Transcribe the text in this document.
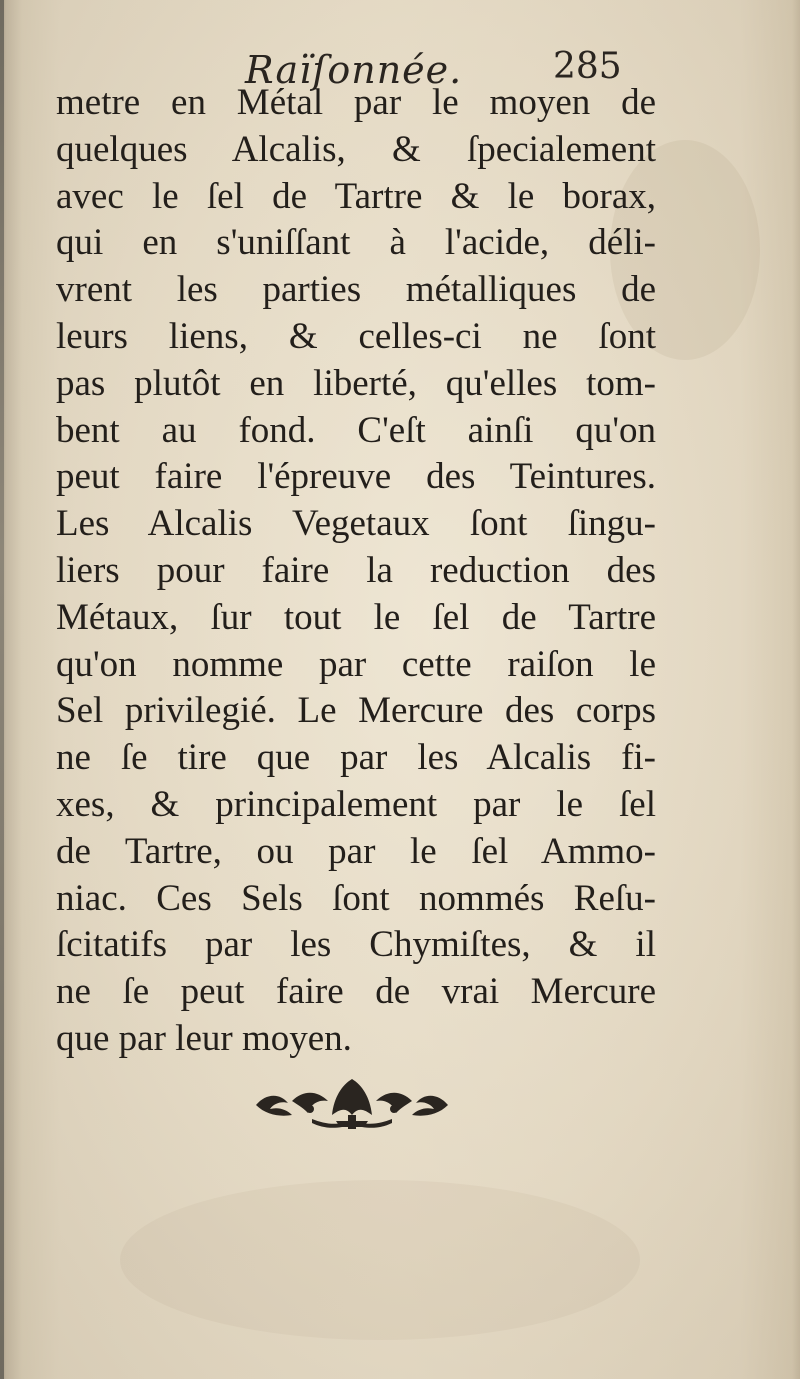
Raïſonnée.	285
metre en Métal par le moyen de
quelques Alcalis, & ſpecialement
avec le ſel de Tartre & le borax,
qui en s'uniſſant à l'acide, déli-
vrent les parties métalliques de
leurs liens, & celles-ci ne ſont
pas plutôt en liberté, qu'elles tom-
bent au fond. C'eſt ainſi qu'on
peut faire l'épreuve des Teintures.
Les Alcalis Vegetaux ſont ſingu-
liers pour faire la reduction des
Métaux, ſur tout le ſel de Tartre
qu'on nomme par cette raiſon le
Sel privilegié. Le Mercure des corps
ne ſe tire que par les Alcalis fi-
xes, & principalement par le ſel
de Tartre, ou par le ſel Ammo-
niac. Ces Sels ſont nommés Reſu-
ſcitatifs par les Chymiſtes, & il
ne ſe peut faire de vrai Mercure
que par leur moyen.
